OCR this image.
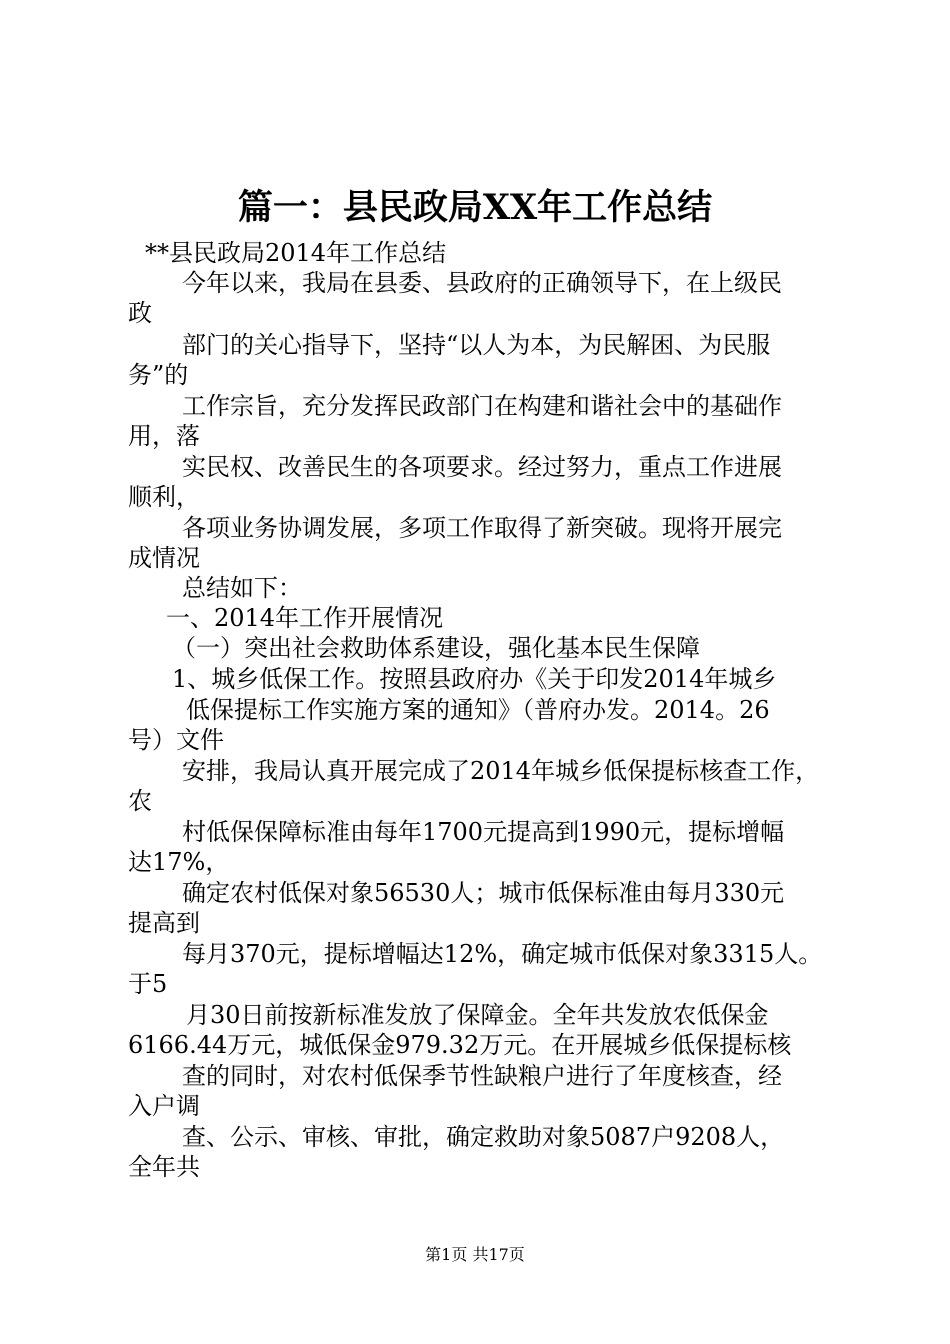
篇一：县民政局XX年工作总结
**县民政局2014年工作总结
今年以来，我局在县委、县政府的正确领导下，在上级民
政
部门的关心指导下，坚持“以人为本，为民解困、为民服
务”的
工作宗旨，充分发挥民政部门在构建和谐社会中的基础作
用，落
实民权、改善民生的各项要求。经过努力，重点工作进展
顺利，
各项业务协调发展，多项工作取得了新突破。现将开展完
成情况
总结如下：
一、2014年工作开展情况
（一）突出社会救助体系建设，强化基本民生保障
1、城乡低保工作。按照县政府办《关于印发2014年城乡
低保提标工作实施方案的通知》（普府办发。2014。26
号）文件
安排，我局认真开展完成了2014年城乡低保提标核查工作，
农
村低保保障标准由每年1700元提高到1990元，提标增幅
达17%，
确定农村低保对象56530人；城市低保标准由每月330元
提高到
每月370元，提标增幅达12%，确定城市低保对象3315人。
于5
月30日前按新标准发放了保障金。全年共发放农低保金
6166.44万元，城低保金979.32万元。在开展城乡低保提标核
查的同时，对农村低保季节性缺粮户进行了年度核查，经
入户调
查、公示、审核、审批，确定救助对象5087户9208人，
全年共
第1页 共17页
